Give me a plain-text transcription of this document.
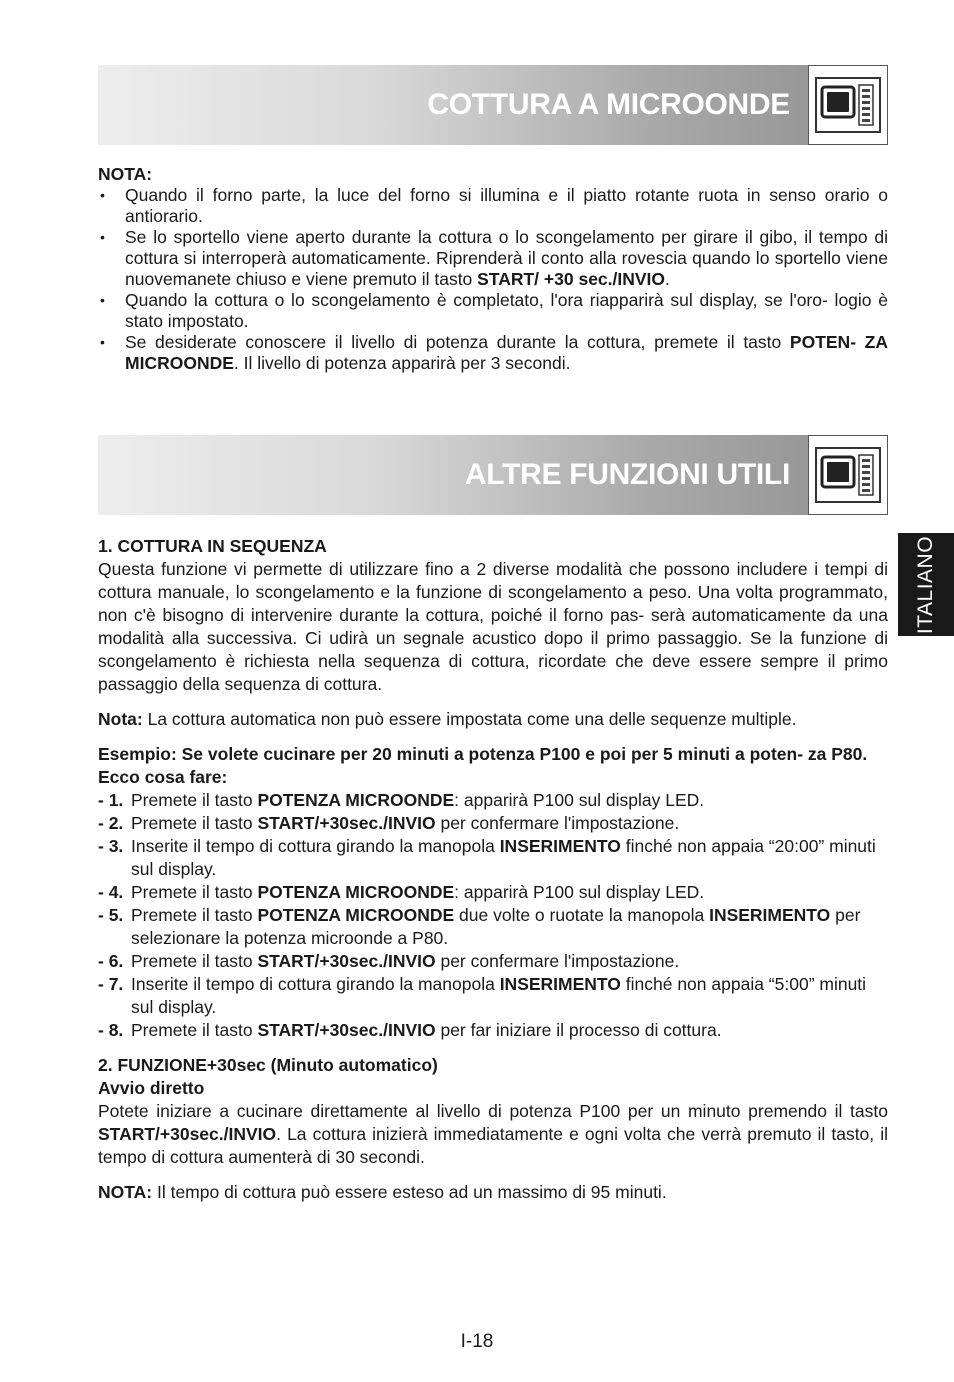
COTTURA A MICROONDE
NOTA:
• Quando il forno parte, la luce del forno si illumina e il piatto rotante ruota in senso orario o antiorario.
• Se lo sportello viene aperto durante la cottura o lo scongelamento per girare il gibo, il tempo di cottura si interroperà automaticamente. Riprenderà il conto alla rovescia quando lo sportello viene nuovemanete chiuso e viene premuto il tasto START/ +30 sec./INVIO.
• Quando la cottura o lo scongelamento è completato, l'ora riapparirà sul display, se l'oro- logio è stato impostato.
• Se desiderate conoscere il livello di potenza durante la cottura, premete il tasto POTEN- ZA MICROONDE. Il livello di potenza apparirà per 3 secondi.
ALTRE FUNZIONI UTILI

1. COTTURA IN SEQUENZA

Questa funzione vi permette di utilizzare fino a 2 diverse modalità che possono includere i tempi di cottura manuale, lo scongelamento e la funzione di scongelamento a peso. Una volta programmato, non c'è bisogno di intervenire durante la cottura, poiché il forno pas- serà automaticamente da una modalità alla successiva. Ci udirà un segnale acustico dopo il primo passaggio. Se la funzione di scongelamento è richiesta nella sequenza di cottura, ricordate che deve essere sempre il primo passaggio della sequenza di cottura.

Nota: La cottura automatica non può essere impostata come una delle sequenze multiple.

Esempio: Se volete cucinare per 20 minuti a potenza P100 e poi per 5 minuti a poten- za P80. Ecco cosa fare:

- 1. Premete il tasto POTENZA MICROONDE: apparirà P100 sul display LED.
- 2. Premete il tasto START/+30sec./INVIO per confermare l'impostazione.
- 3. Inserite il tempo di cottura girando la manopola INSERIMENTO finché non appaia “20:00” minuti sul display.
- 4. Premete il tasto POTENZA MICROONDE: apparirà P100 sul display LED.
- 5. Premete il tasto POTENZA MICROONDE due volte o ruotate la manopola INSERIMENTO per selezionare la potenza microonde a P80.
- 6. Premete il tasto START/+30sec./INVIO per confermare l'impostazione.
- 7. Inserite il tempo di cottura girando la manopola INSERIMENTO finché non appaia “5:00” minuti sul display.
- 8. Premete il tasto START/+30sec./INVIO per far iniziare il processo di cottura.

2. FUNZIONE+30sec (Minuto automatico)

Avvio diretto

Potete iniziare a cucinare direttamente al livello di potenza P100 per un minuto premendo il tasto START/+30sec./INVIO. La cottura inizierà immediatamente e ogni volta che verrà premuto il tasto, il tempo di cottura aumenterà di 30 secondi.

NOTA: Il tempo di cottura può essere esteso ad un massimo di 95 minuti.

ITALIANO
I-18
